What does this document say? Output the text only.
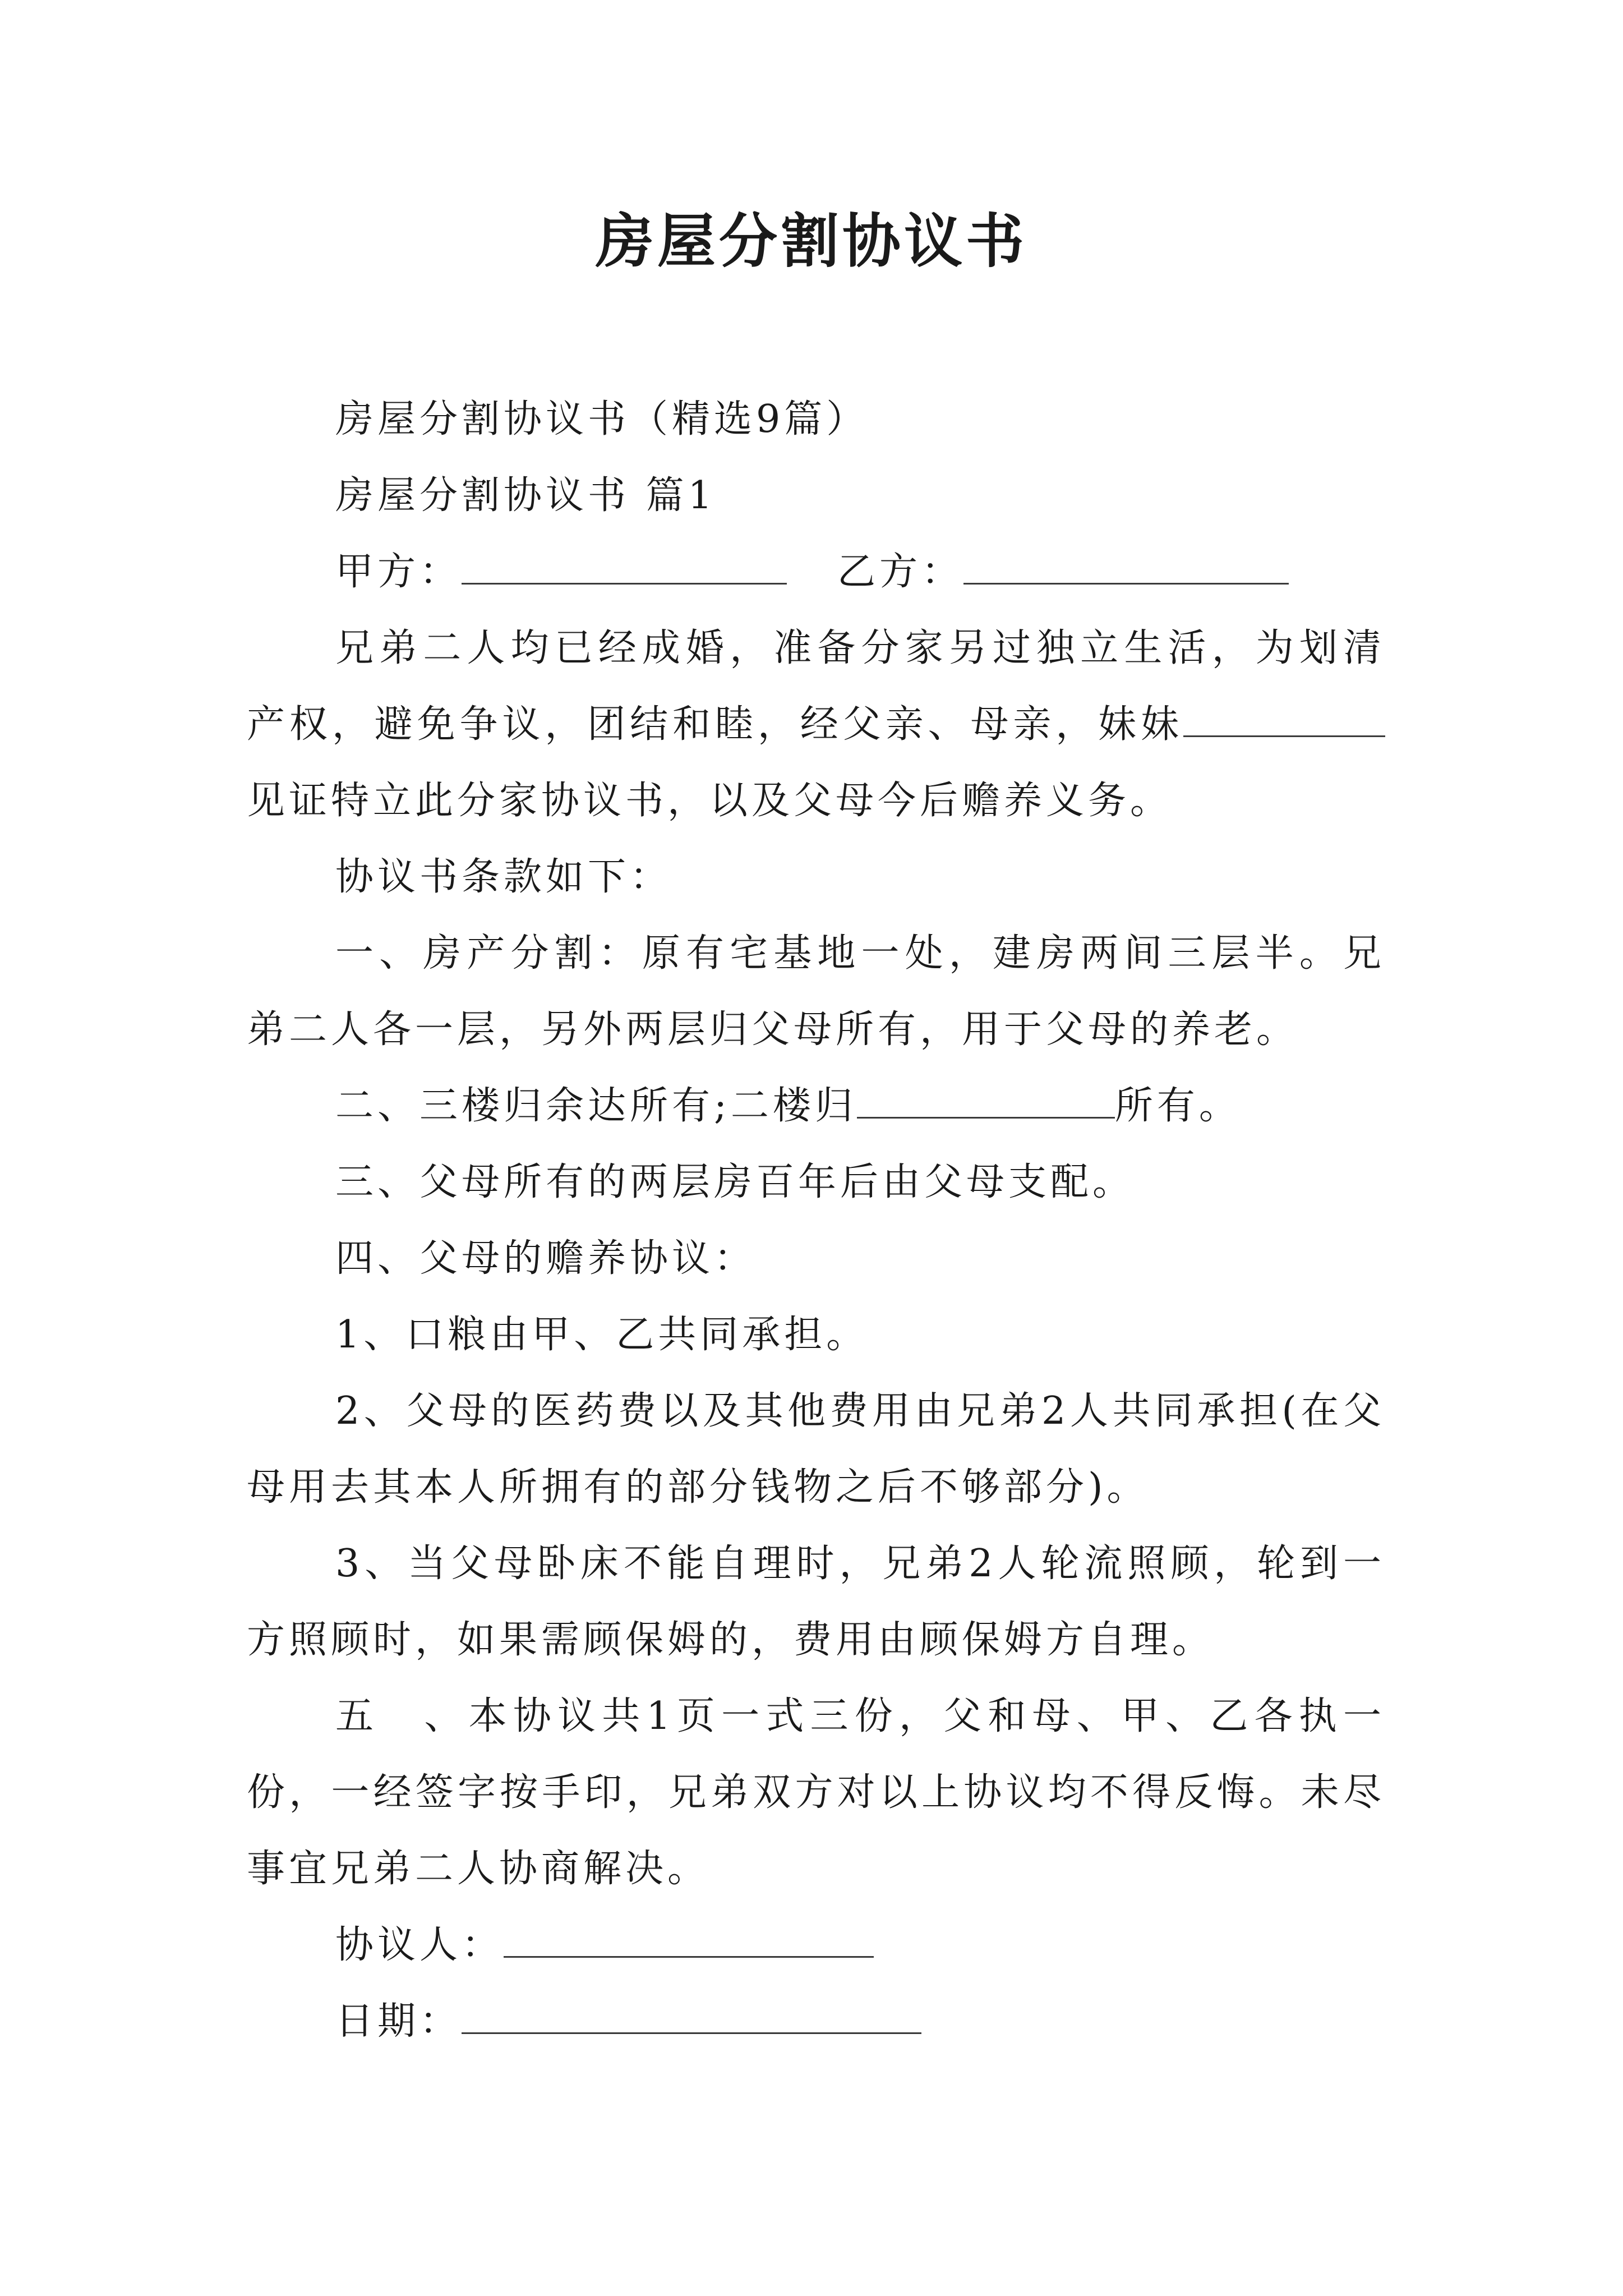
房屋分割协议书

房屋分割协议书（精选9篇）

房屋分割协议书 篇1

甲方：	乙方：

兄弟二人均已经成婚，准备分家另过独立生活，为划清产权，避免争议，团结和睦，经父亲、母亲，妹妹见证特立此分家协议书，以及父母今后赡养义务。

协议书条款如下：

一、房产分割：原有宅基地一处，建房两间三层半。兄弟二人各一层，另外两层归父母所有，用于父母的养老。

二、三楼归余达所有;二楼归	所有。

三、父母所有的两层房百年后由父母支配。

四、父母的赡养协议：

1、口粮由甲、乙共同承担。

2、父母的医药费以及其他费用由兄弟2人共同承担(在父母用去其本人所拥有的部分钱物之后不够部分)。

3、当父母卧床不能自理时，兄弟2人轮流照顾，轮到一方照顾时，如果需顾保姆的，费用由顾保姆方自理。

五　、本协议共1页一式三份，父和母、甲、乙各执一份，一经签字按手印，兄弟双方对以上协议均不得反悔。未尽事宜兄弟二人协商解决。

协议人：

日期：
